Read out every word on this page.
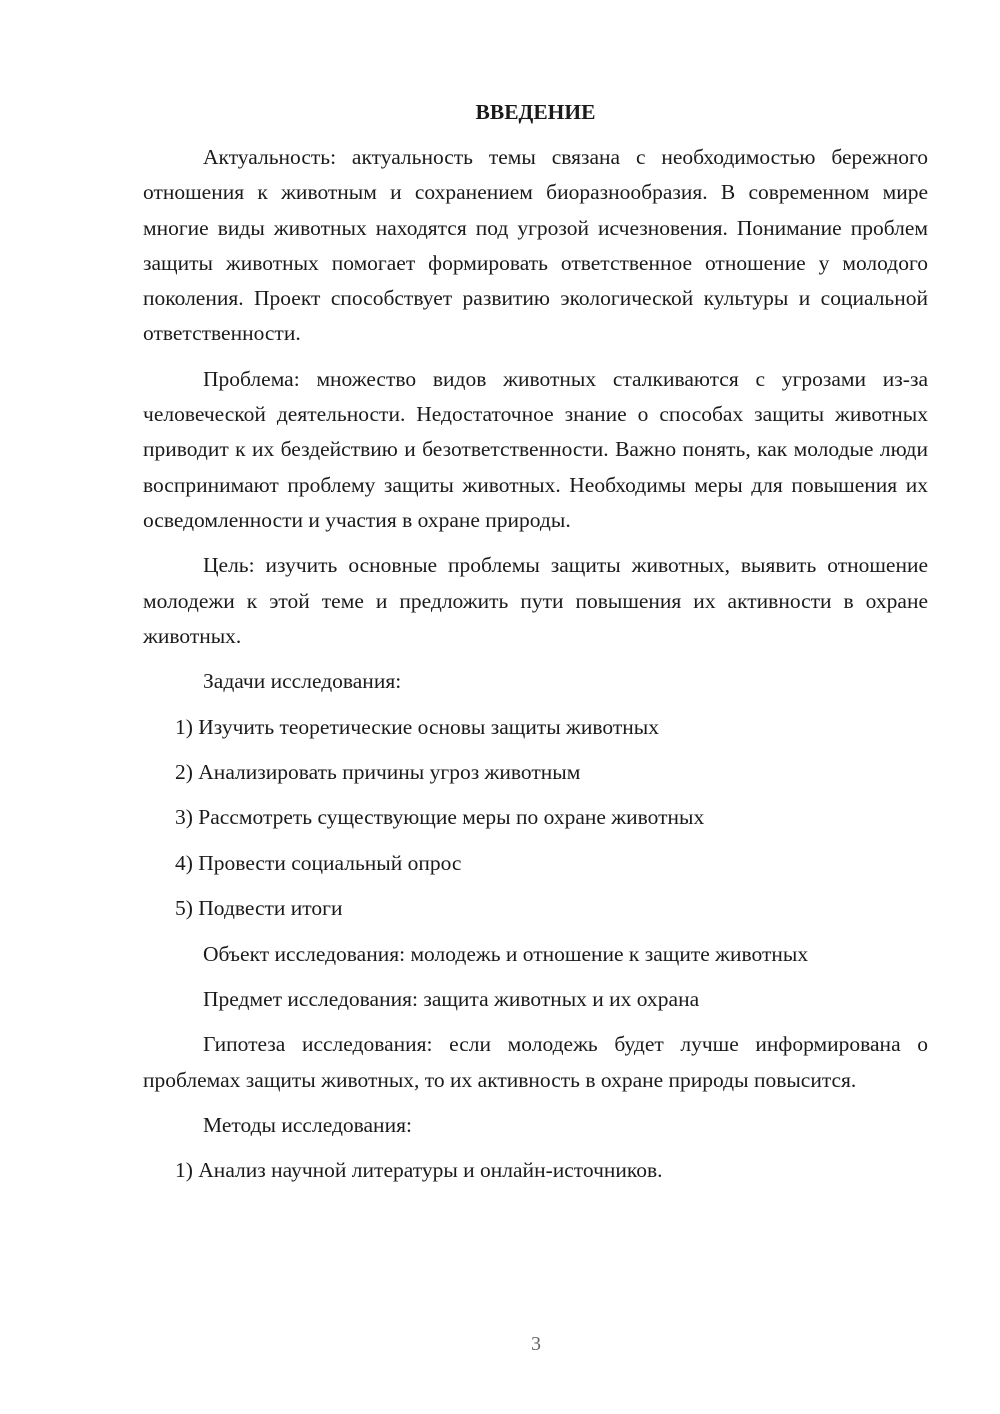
ВВЕДЕНИЕ

Актуальность: актуальность темы связана с необходимостью бережного отношения к животным и сохранением биоразнообразия. В современном мире многие виды животных находятся под угрозой исчезновения. Понимание проблем защиты животных помогает формировать ответственное отношение у молодого поколения. Проект способствует развитию экологической культуры и социальной ответственности.

Проблема: множество видов животных сталкиваются с угрозами из-за человеческой деятельности. Недостаточное знание о способах защиты животных приводит к их бездействию и безответственности. Важно понять, как молодые люди воспринимают проблему защиты животных. Необходимы меры для повышения их осведомленности и участия в охране природы.

Цель: изучить основные проблемы защиты животных, выявить отношение молодежи к этой теме и предложить пути повышения их активности в охране животных.

Задачи исследования:
1) Изучить теоретические основы защиты животных
2) Анализировать причины угроз животным
3) Рассмотреть существующие меры по охране животных
4) Провести социальный опрос
5) Подвести итоги
Объект исследования: молодежь и отношение к защите животных
Предмет исследования: защита животных и их охрана

Гипотеза исследования: если молодежь будет лучше информирована о проблемах защиты животных, то их активность в охране природы повысится.

Методы исследования:
1) Анализ научной литературы и онлайн-источников.
3
